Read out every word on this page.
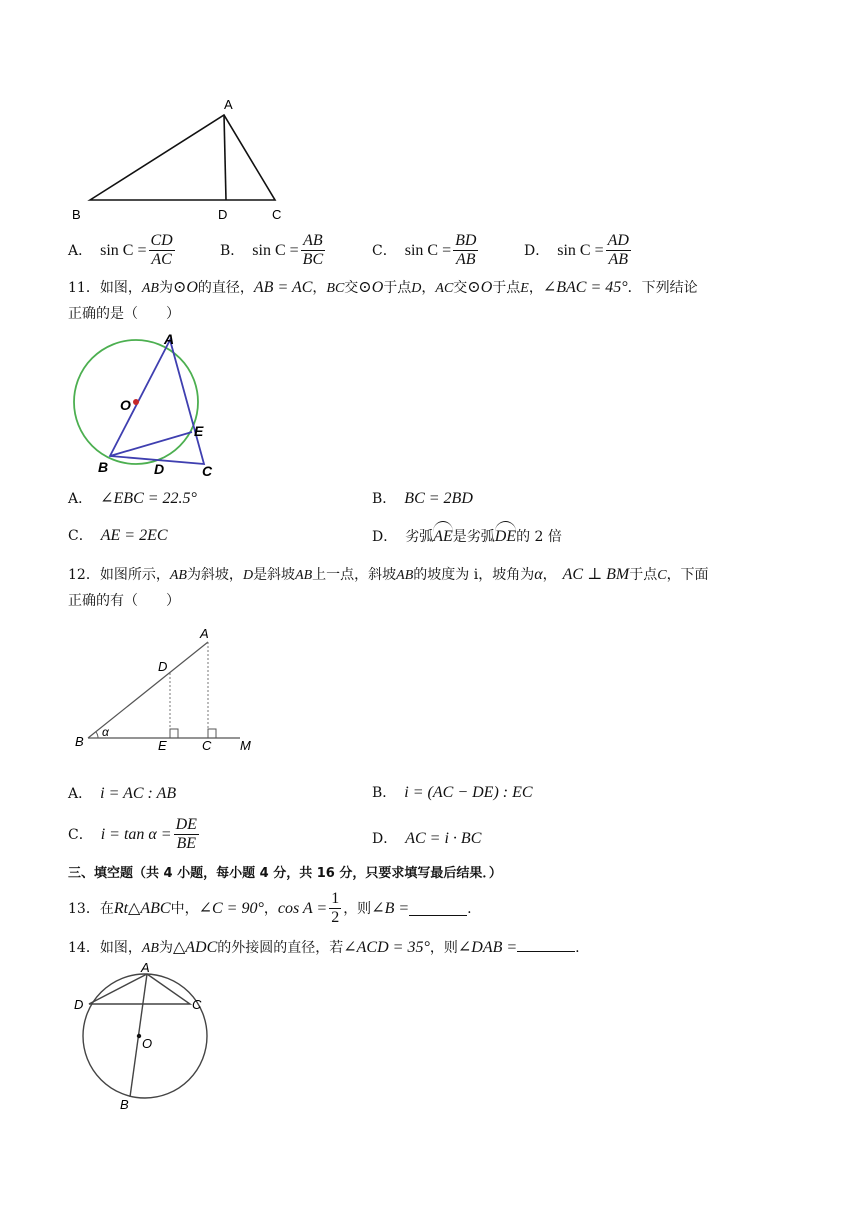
A
B	D	C
A． $\sin C = \frac{CD}{AC}$	B． $\sin C = \frac{AB}{BC}$	C． $\sin C = \frac{BD}{AB}$	D． $\sin C = \frac{AD}{AB}$
11．如图，AB为⊙O的直径，AB = AC，BC交⊙O于点D，AC交⊙O于点E，∠BAC = 45°．下列结论
正确的是（　　）
A
O
E
B	D	C
A． ∠EBC = 22.5°	B． BC = 2BD
C． AE = 2EC	D． 劣弧AE是劣弧DE的 2 倍
12．如图所示，AB为斜坡，D是斜坡AB上一点，斜坡AB的坡度为 i，坡角为α， AC ⊥ BM于点C，下面
正确的有（　　）
A
D
B
α
E	C M
A． i = AC : AB	B． i = (AC − DE) : EC
C． $i = \tan \alpha = \frac{DE}{BE}$	D． AC = i · BC
三、填空题（共 4 小题，每小题 4 分，共 16 分，只要求填写最后结果．）
13．在 Rt△ABC 中， ∠C = 90° ， $\cos A = \frac{1}{2}$ ，则 ∠B =	.
14．如图，AB为△ADC的外接圆的直径，若∠ACD = 35°，则∠DAB =	.
A
D	C
O
B
